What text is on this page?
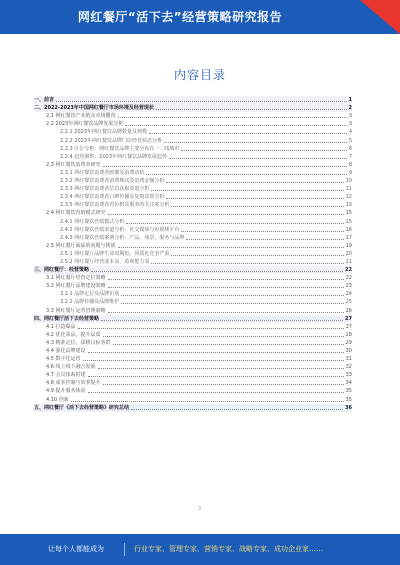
网红餐厅“活下去”经营策略研究报告
内容目录
一、前言	1
二、2022-2023年中国网红餐厅市场环境及经营现状	2
2.1 网红餐饮产业链及市场概况	3
2.2 2023年网红餐饮品牌发展分析	3
2.2.1 2023年网红餐饮品牌数量及规模	4
2.2.2 2023年网红餐饮品牌门店经营状态分析	5
2.2.3 区位分析：网红餐饮品牌主要分布在一二线城市	6
2.2.4 趋势洞察：2023年网红餐饮品牌发展趋势	7
2.3 网红餐饮消费者研究	8
2.3.1 网红餐饮消费者画像及消费动机	9
2.3.2 网红餐饮消费者消费频次及消费金额分析	10
2.3.3 网红餐饮消费者信息获取渠道分析	11
2.3.4 网红餐饮消费者口碑传播及复购意愿分析	12
2.3.5 网红餐饮消费者对价格及服务的关注度分析	13
2.4 网红餐饮营销模式研究	15
2.4.1 网红餐饮营销模式分析	15
2.4.2 网红餐饮营销渠道分析：社交媒体与短视频平台	16
2.4.3 网红餐饮营销案例分析：产品、场景、服务与品牌	17
2.5 网红餐厅面临的问题与挑战	19
2.5.1 网红餐厅品牌生命周期短、同质化竞争严重	20
2.5.2 网红餐厅经营成本高、盈利能力弱	21
三、网红餐厅：经营策略	22
3.1 网红餐厅经营定位策略	22
3.2 网红餐厅品牌建设策略	23
3.2.1 品牌定位及品牌识别	24
3.2.2 品牌传播及品牌维护	25
3.3 网红餐厅运营管理策略	26
四、网红餐厅活下去经营策略	27
4.1 打造爆品	27
4.2 优化菜品，提升品质	28
4.3 精准定位，深耕目标客群	29
4.4 强化品牌建设	30
4.5 数字化运营	31
4.6 线上线下融合发展	32
4.7 会员体系搭建	33
4.8 成本控制与效率提升	34
4.9 提升服务体验	35
4.10 创新	35
五、网红餐厅《活下去经营策略》研究总结	36
1
让每个人都能成为	行业专家、管理专家、营销专家、战略专家、成功企业家……
